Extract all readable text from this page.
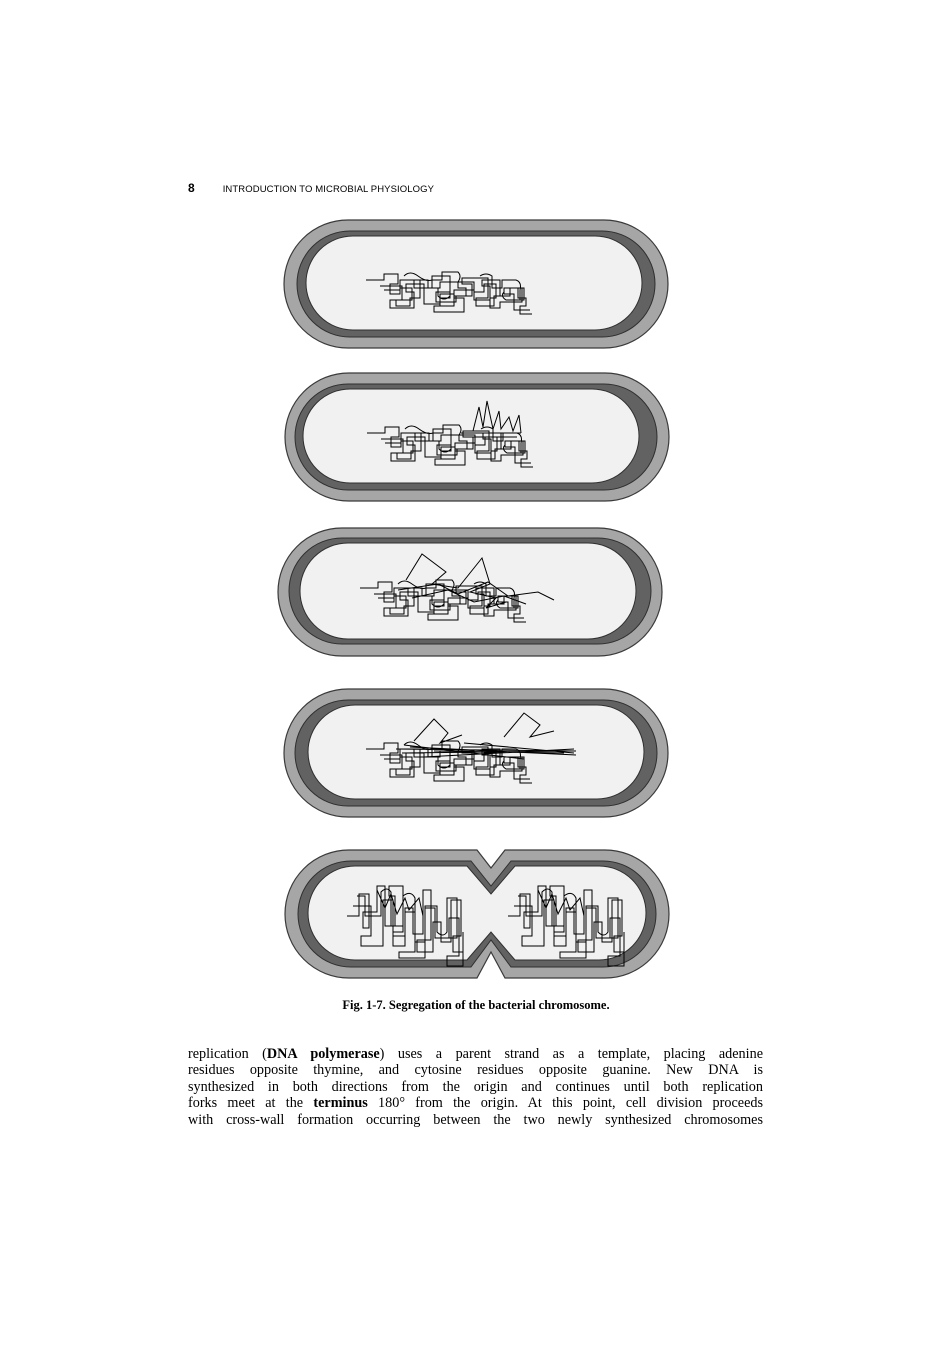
8	INTRODUCTION TO MICROBIAL PHYSIOLOGY
Fig. 1-7. Segregation of the bacterial chromosome.
replication (DNA polymerase) uses a parent strand as a template, placing adenine
residues opposite thymine, and cytosine residues opposite guanine. New DNA is
synthesized in both directions from the origin and continues until both replication
forks meet at the terminus 180° from the origin. At this point, cell division proceeds
with cross-wall formation occurring between the two newly synthesized chromosomes
